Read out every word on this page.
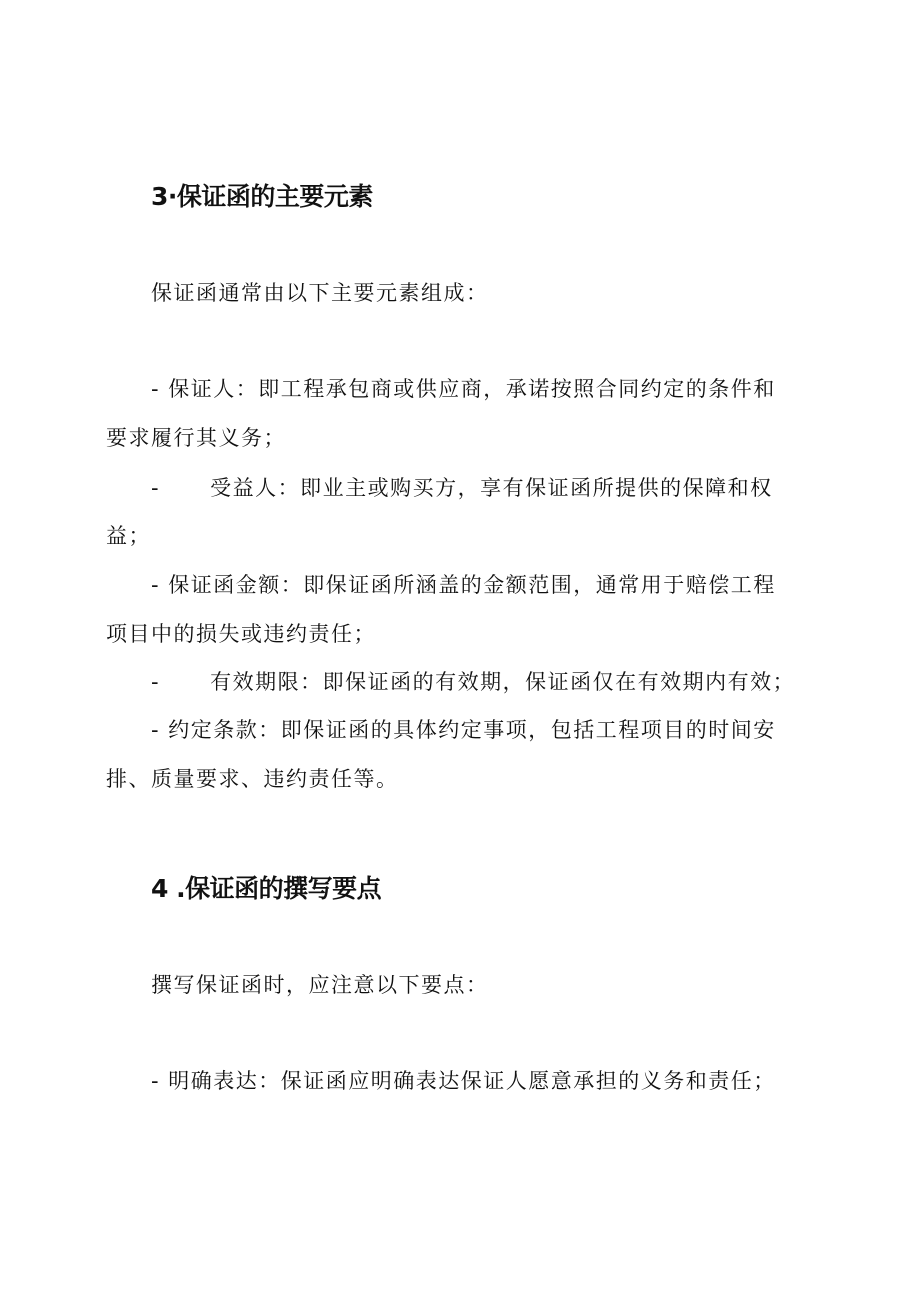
3·保证函的主要元素
保证函通常由以下主要元素组成：
- 保证人：即工程承包商或供应商，承诺按照合同约定的条件和
要求履行其义务；
- 受益人：即业主或购买方，享有保证函所提供的保障和权
益；
- 保证函金额：即保证函所涵盖的金额范围，通常用于赔偿工程
项目中的损失或违约责任；
- 有效期限：即保证函的有效期，保证函仅在有效期内有效；
- 约定条款：即保证函的具体约定事项，包括工程项目的时间安
排、质量要求、违约责任等。
4 .保证函的撰写要点
撰写保证函时，应注意以下要点：
- 明确表达：保证函应明确表达保证人愿意承担的义务和责任；
